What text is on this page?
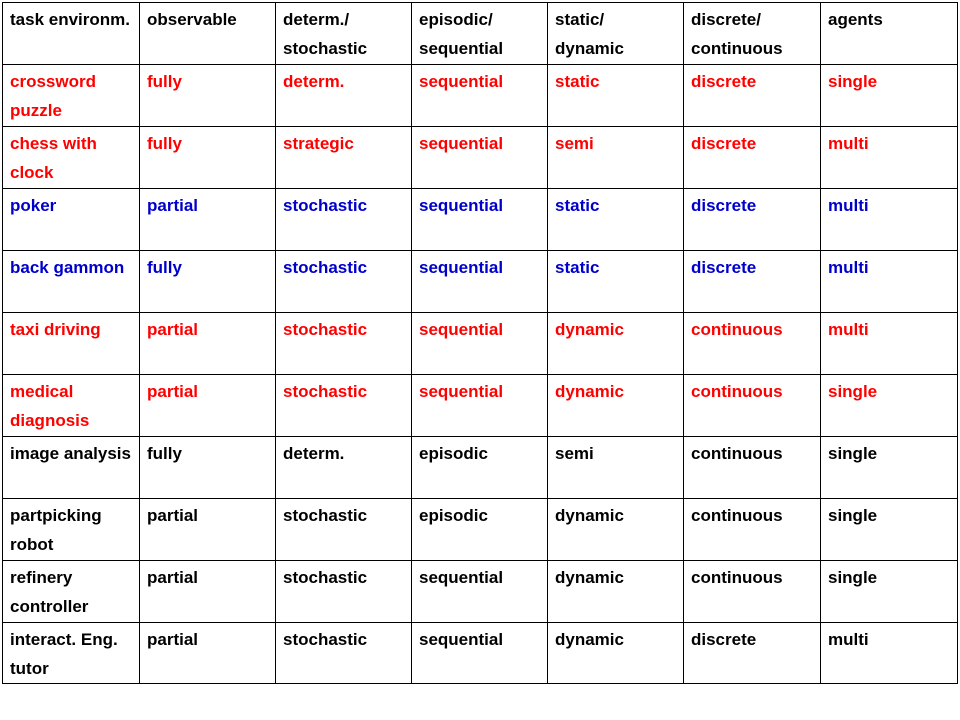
task environm.	observable	determ./ stochastic	episodic/ sequential	static/ dynamic	discrete/ continuous	agents

crossword puzzle	fully	determ.	sequential	static	discrete	single

chess with clock	fully	strategic	sequential	semi	discrete	multi

poker	partial	stochastic	sequential	static	discrete	multi

back gammon	fully	stochastic	sequential	static	discrete	multi

taxi driving	partial	stochastic	sequential	dynamic	continuous	multi

medical diagnosis	partial	stochastic	sequential	dynamic	continuous	single

image analysis	fully	determ.	episodic	semi	continuous	single

partpicking robot	partial	stochastic	episodic	dynamic	continuous	single

refinery controller	partial	stochastic	sequential	dynamic	continuous	single

interact. Eng. tutor	partial	stochastic	sequential	dynamic	discrete	multi
